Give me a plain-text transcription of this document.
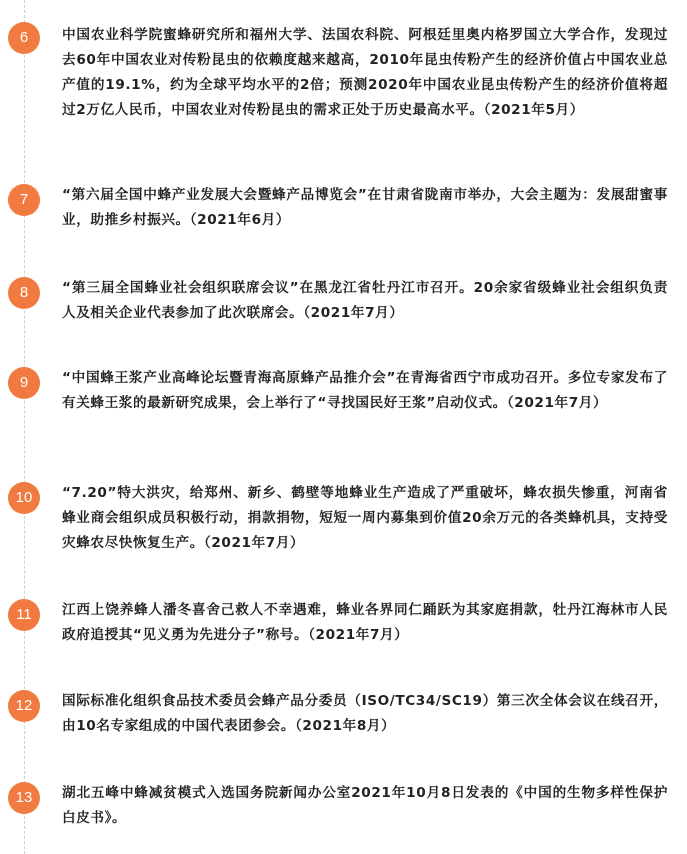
6	中国农业科学院蜜蜂研究所和福州大学、法国农科院、阿根廷里奥内格罗国立大学合作，发现过去60年中国农业对传粉昆虫的依赖度越来越高，2010年昆虫传粉产生的经济价值占中国农业总产值的19.1%，约为全球平均水平的2倍；预测2020年中国农业昆虫传粉产生的经济价值将超过2万亿人民币，中国农业对传粉昆虫的需求正处于历史最高水平。（2021年5月）

7	“第六届全国中蜂产业发展大会暨蜂产品博览会”在甘肃省陇南市举办，大会主题为：发展甜蜜事业，助推乡村振兴。（2021年6月）

8	“第三届全国蜂业社会组织联席会议”在黑龙江省牡丹江市召开。20余家省级蜂业社会组织负责人及相关企业代表参加了此次联席会。（2021年7月）

9	“中国蜂王浆产业高峰论坛暨青海高原蜂产品推介会”在青海省西宁市成功召开。多位专家发布了有关蜂王浆的最新研究成果，会上举行了“寻找国民好王浆”启动仪式。（2021年7月）

10	“7.20”特大洪灾，给郑州、新乡、鹤壁等地蜂业生产造成了严重破坏，蜂农损失惨重，河南省蜂业商会组织成员积极行动，捐款捐物，短短一周内募集到价值20余万元的各类蜂机具，支持受灾蜂农尽快恢复生产。（2021年7月）

11	江西上饶养蜂人潘冬喜舍己救人不幸遇难，蜂业各界同仁踊跃为其家庭捐款，牡丹江海林市人民政府追授其“见义勇为先进分子”称号。（2021年7月）

12	国际标准化组织食品技术委员会蜂产品分委员（ISO/TC34/SC19）第三次全体会议在线召开，由10名专家组成的中国代表团参会。（2021年8月）

13	湖北五峰中蜂减贫模式入选国务院新闻办公室2021年10月8日发表的《中国的生物多样性保护白皮书》。
